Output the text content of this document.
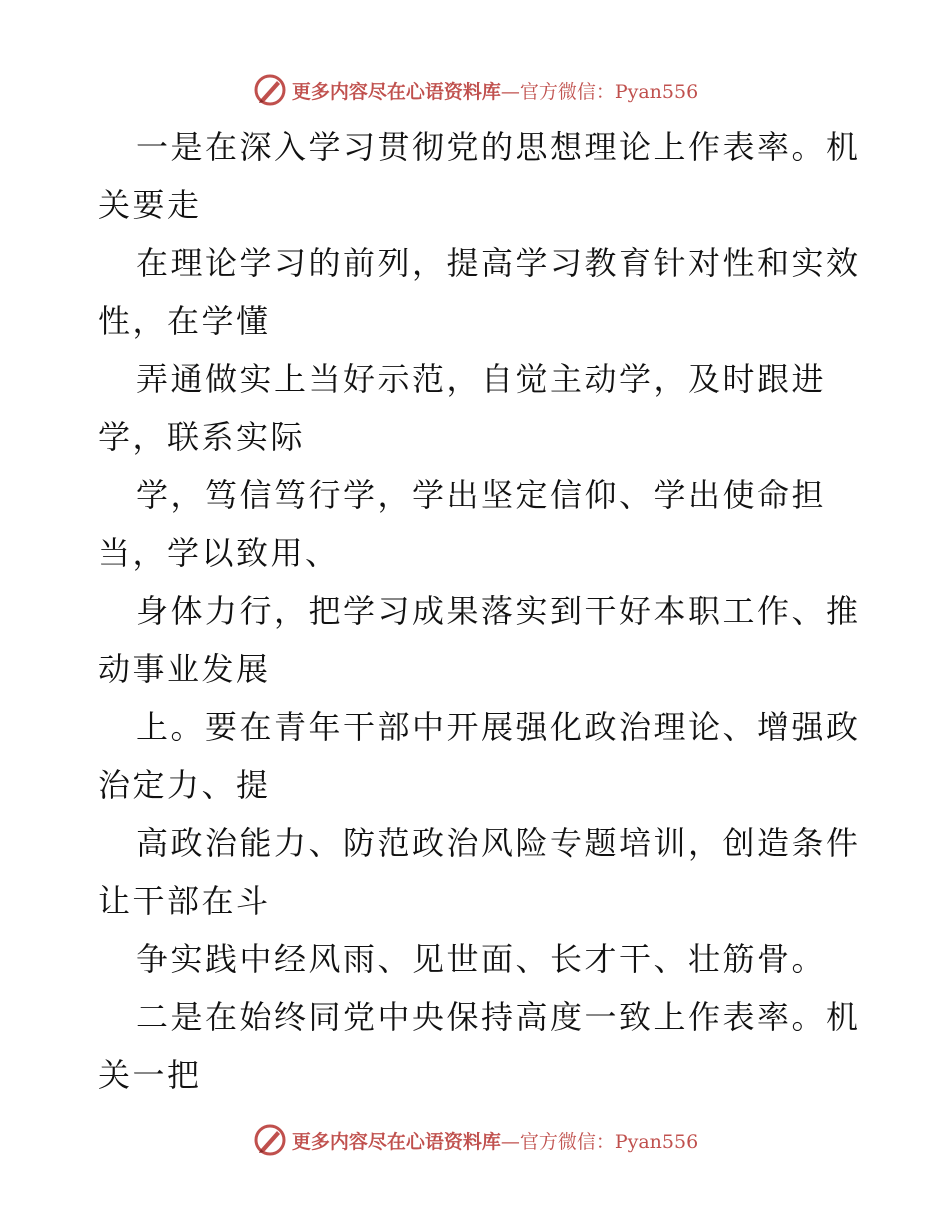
更多内容尽在心语资料库—官方微信：Pyan556
一是在深入学习贯彻党的思想理论上作表率。机
关要走
在理论学习的前列，提高学习教育针对性和实效
性，在学懂
弄通做实上当好示范，自觉主动学，及时跟进
学，联系实际
学，笃信笃行学，学出坚定信仰、学出使命担
当，学以致用、
身体力行，把学习成果落实到干好本职工作、推
动事业发展
上。要在青年干部中开展强化政治理论、增强政
治定力、提
高政治能力、防范政治风险专题培训，创造条件
让干部在斗
争实践中经风雨、见世面、长才干、壮筋骨。
二是在始终同党中央保持高度一致上作表率。机
关一把
更多内容尽在心语资料库—官方微信：Pyan556
